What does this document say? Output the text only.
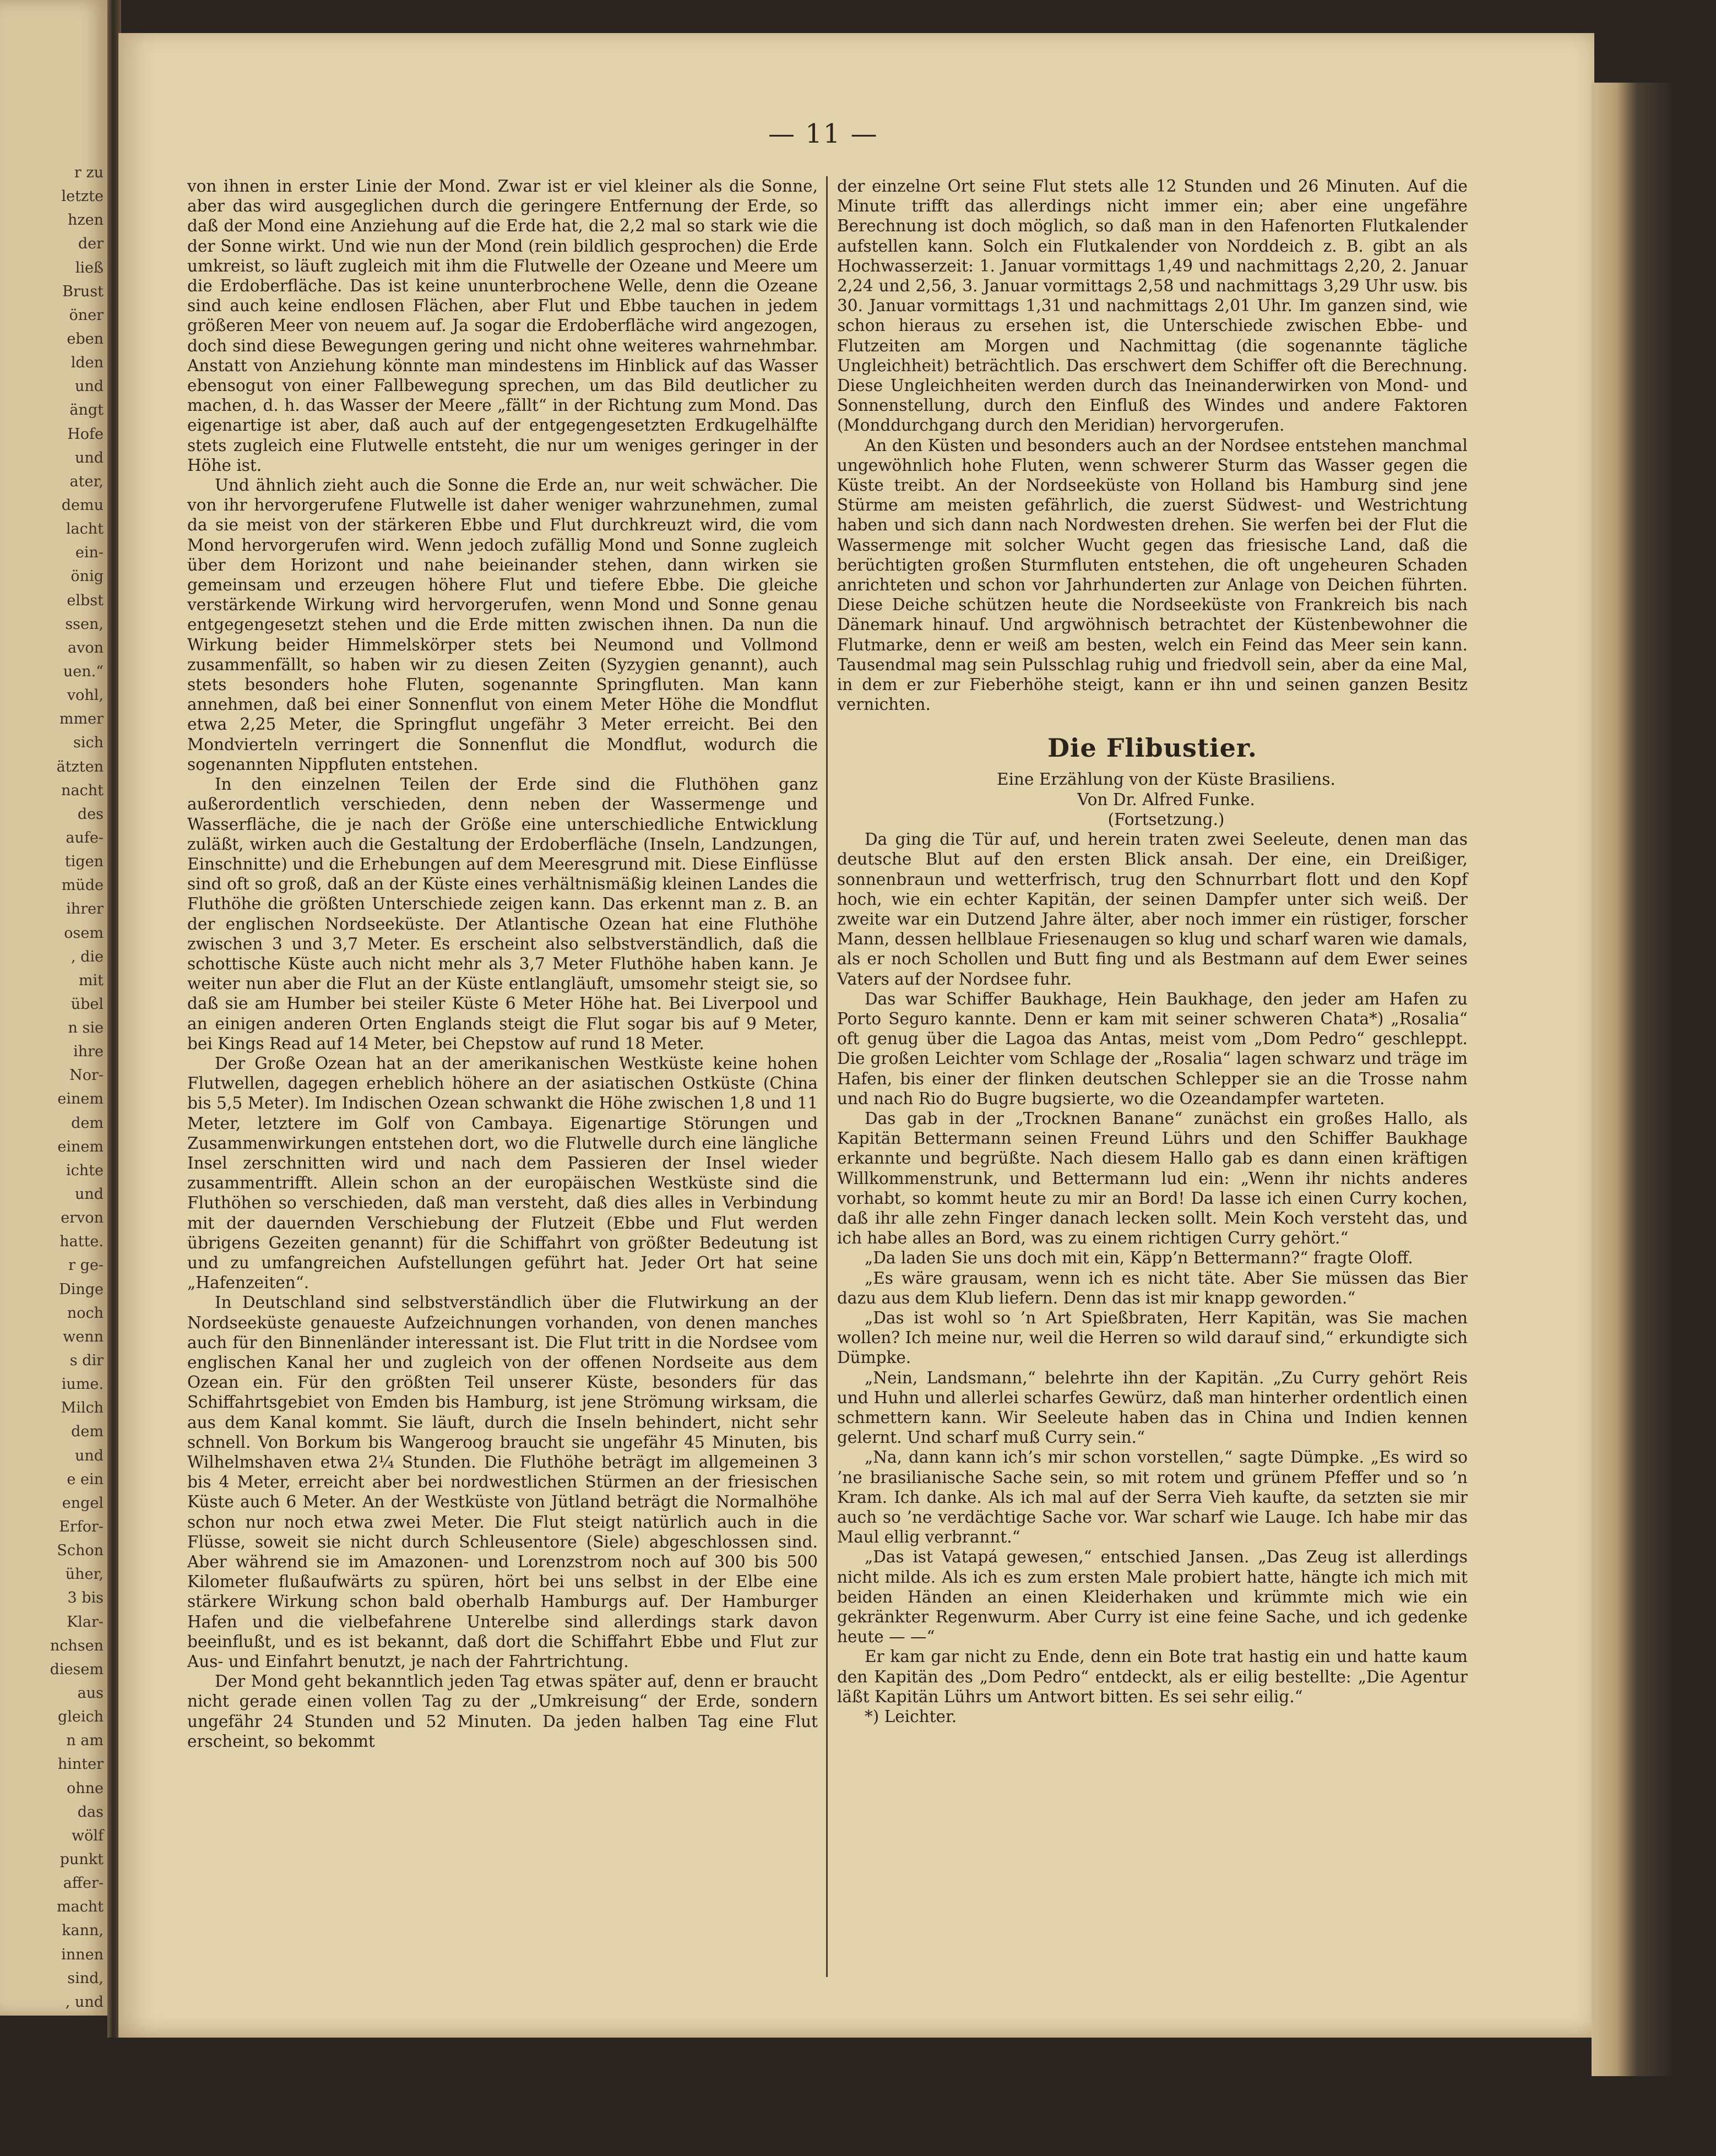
r zu
letzte
hzen
der
ließ
Brust
öner
eben
lden
und
ängt
Hofe
und
ater,
demu
lacht
ein-
önig
elbst
ssen,
avon
uen.“
vohl,
mmer
sich
ätzten
nacht
des
aufe-
tigen
müde
ihrer
osem
, die
mit
übel
n sie
ihre
Nor-
einem
dem
einem
ichte
und
ervon
hatte.
r ge-
Dinge
noch
wenn
s dir
iume.
Milch
dem
und
e ein
engel
Erfor-
Schon
üher,
3 bis
Klar-
nchsen
diesem
aus
gleich
n am
hinter
ohne
das
wölf
punkt
affer-
macht
kann,
innen
sind,
, und
— 11 —

von ihnen in erster Linie der Mond. Zwar ist er viel kleiner als die Sonne, aber das wird ausgeglichen durch die geringere Entfernung der Erde, so daß der Mond eine Anziehung auf die Erde hat, die 2,2 mal so stark wie die der Sonne wirkt. Und wie nun der Mond (rein bildlich gesprochen) die Erde umkreist, so läuft zugleich mit ihm die Flutwelle der Ozeane und Meere um die Erdoberfläche. Das ist keine ununterbrochene Welle, denn die Ozeane sind auch keine endlosen Flächen, aber Flut und Ebbe tauchen in jedem größeren Meer von neuem auf. Ja sogar die Erdoberfläche wird angezogen, doch sind diese Bewegungen gering und nicht ohne weiteres wahrnehmbar. Anstatt von Anziehung könnte man mindestens im Hinblick auf das Wasser ebensogut von einer Fallbewegung sprechen, um das Bild deutlicher zu machen, d. h. das Wasser der Meere „fällt“ in der Richtung zum Mond. Das eigenartige ist aber, daß auch auf der entgegengesetzten Erdkugelhälfte stets zugleich eine Flutwelle entsteht, die nur um weniges geringer in der Höhe ist.

Und ähnlich zieht auch die Sonne die Erde an, nur weit schwächer. Die von ihr hervorgerufene Flutwelle ist daher weniger wahrzunehmen, zumal da sie meist von der stärkeren Ebbe und Flut durchkreuzt wird, die vom Mond hervorgerufen wird. Wenn jedoch zufällig Mond und Sonne zugleich über dem Horizont und nahe beieinander stehen, dann wirken sie gemeinsam und erzeugen höhere Flut und tiefere Ebbe. Die gleiche verstärkende Wirkung wird hervorgerufen, wenn Mond und Sonne genau entgegengesetzt stehen und die Erde mitten zwischen ihnen. Da nun die Wirkung beider Himmelskörper stets bei Neumond und Vollmond zusammenfällt, so haben wir zu diesen Zeiten (Syzygien genannt), auch stets besonders hohe Fluten, sogenannte Springfluten. Man kann annehmen, daß bei einer Sonnenflut von einem Meter Höhe die Mondflut etwa 2,25 Meter, die Springflut ungefähr 3 Meter erreicht. Bei den Mondvierteln verringert die Sonnenflut die Mondflut, wodurch die sogenannten Nippfluten entstehen.

In den einzelnen Teilen der Erde sind die Fluthöhen ganz außerordentlich verschieden, denn neben der Wassermenge und Wasserfläche, die je nach der Größe eine unterschiedliche Entwicklung zuläßt, wirken auch die Gestaltung der Erdoberfläche (Inseln, Landzungen, Einschnitte) und die Erhebungen auf dem Meeresgrund mit. Diese Einflüsse sind oft so groß, daß an der Küste eines verhältnismäßig kleinen Landes die Fluthöhe die größten Unterschiede zeigen kann. Das erkennt man z. B. an der englischen Nordseeküste. Der Atlantische Ozean hat eine Fluthöhe zwischen 3 und 3,7 Meter. Es erscheint also selbstverständlich, daß die schottische Küste auch nicht mehr als 3,7 Meter Fluthöhe haben kann. Je weiter nun aber die Flut an der Küste entlangläuft, umsomehr steigt sie, so daß sie am Humber bei steiler Küste 6 Meter Höhe hat. Bei Liverpool und an einigen anderen Orten Englands steigt die Flut sogar bis auf 9 Meter, bei Kings Read auf 14 Meter, bei Chepstow auf rund 18 Meter.

Der Große Ozean hat an der amerikanischen Westküste keine hohen Flutwellen, dagegen erheblich höhere an der asiatischen Ostküste (China bis 5,5 Meter). Im Indischen Ozean schwankt die Höhe zwischen 1,8 und 11 Meter, letztere im Golf von Cambaya. Eigenartige Störungen und Zusammenwirkungen entstehen dort, wo die Flutwelle durch eine längliche Insel zerschnitten wird und nach dem Passieren der Insel wieder zusammentrifft. Allein schon an der europäischen Westküste sind die Fluthöhen so verschieden, daß man versteht, daß dies alles in Verbindung mit der dauernden Verschiebung der Flutzeit (Ebbe und Flut werden übrigens Gezeiten genannt) für die Schiffahrt von größter Bedeutung ist und zu umfangreichen Aufstellungen geführt hat. Jeder Ort hat seine „Hafenzeiten“.

In Deutschland sind selbstverständlich über die Flutwirkung an der Nordseeküste genaueste Aufzeichnungen vorhanden, von denen manches auch für den Binnenländer interessant ist. Die Flut tritt in die Nordsee vom englischen Kanal her und zugleich von der offenen Nordseite aus dem Ozean ein. Für den größten Teil unserer Küste, besonders für das Schiffahrtsgebiet von Emden bis Hamburg, ist jene Strömung wirksam, die aus dem Kanal kommt. Sie läuft, durch die Inseln behindert, nicht sehr schnell. Von Borkum bis Wangeroog braucht sie ungefähr 45 Minuten, bis Wilhelmshaven etwa 2¼ Stunden. Die Fluthöhe beträgt im allgemeinen 3 bis 4 Meter, erreicht aber bei nordwestlichen Stürmen an der friesischen Küste auch 6 Meter. An der Westküste von Jütland beträgt die Normalhöhe schon nur noch etwa zwei Meter. Die Flut steigt natürlich auch in die Flüsse, soweit sie nicht durch Schleusentore (Siele) abgeschlossen sind. Aber während sie im Amazonen- und Lorenzstrom noch auf 300 bis 500 Kilometer flußaufwärts zu spüren, hört bei uns selbst in der Elbe eine stärkere Wirkung schon bald oberhalb Hamburgs auf. Der Hamburger Hafen und die vielbefahrene Unterelbe sind allerdings stark davon beeinflußt, und es ist bekannt, daß dort die Schiffahrt Ebbe und Flut zur Aus- und Einfahrt benutzt, je nach der Fahrtrichtung.

Der Mond geht bekanntlich jeden Tag etwas später auf, denn er braucht nicht gerade einen vollen Tag zu der „Umkreisung“ der Erde, sondern ungefähr 24 Stunden und 52 Minuten. Da jeden halben Tag eine Flut erscheint, so bekommt

der einzelne Ort seine Flut stets alle 12 Stunden und 26 Minuten. Auf die Minute trifft das allerdings nicht immer ein; aber eine ungefähre Berechnung ist doch möglich, so daß man in den Hafenorten Flutkalender aufstellen kann. Solch ein Flutkalender von Norddeich z. B. gibt an als Hochwasserzeit: 1. Januar vormittags 1,49 und nachmittags 2,20, 2. Januar 2,24 und 2,56, 3. Januar vormittags 2,58 und nachmittags 3,29 Uhr usw. bis 30. Januar vormittags 1,31 und nachmittags 2,01 Uhr. Im ganzen sind, wie schon hieraus zu ersehen ist, die Unterschiede zwischen Ebbe- und Flutzeiten am Morgen und Nachmittag (die sogenannte tägliche Ungleichheit) beträchtlich. Das erschwert dem Schiffer oft die Berechnung. Diese Ungleichheiten werden durch das Ineinanderwirken von Mond- und Sonnenstellung, durch den Einfluß des Windes und andere Faktoren (Monddurchgang durch den Meridian) hervorgerufen.

An den Küsten und besonders auch an der Nordsee entstehen manchmal ungewöhnlich hohe Fluten, wenn schwerer Sturm das Wasser gegen die Küste treibt. An der Nordseeküste von Holland bis Hamburg sind jene Stürme am meisten gefährlich, die zuerst Südwest- und Westrichtung haben und sich dann nach Nordwesten drehen. Sie werfen bei der Flut die Wassermenge mit solcher Wucht gegen das friesische Land, daß die berüchtigten großen Sturmfluten entstehen, die oft ungeheuren Schaden anrichteten und schon vor Jahrhunderten zur Anlage von Deichen führten. Diese Deiche schützen heute die Nordseeküste von Frankreich bis nach Dänemark hinauf. Und argwöhnisch betrachtet der Küstenbewohner die Flutmarke, denn er weiß am besten, welch ein Feind das Meer sein kann. Tausendmal mag sein Pulsschlag ruhig und friedvoll sein, aber da eine Mal, in dem er zur Fieberhöhe steigt, kann er ihn und seinen ganzen Besitz vernichten.

Die Flibustier.

Eine Erzählung von der Küste Brasiliens.

Von Dr. Alfred Funke.

(Fortsetzung.)

Da ging die Tür auf, und herein traten zwei Seeleute, denen man das deutsche Blut auf den ersten Blick ansah. Der eine, ein Dreißiger, sonnenbraun und wetterfrisch, trug den Schnurrbart flott und den Kopf hoch, wie ein echter Kapitän, der seinen Dampfer unter sich weiß. Der zweite war ein Dutzend Jahre älter, aber noch immer ein rüstiger, forscher Mann, dessen hellblaue Friesenaugen so klug und scharf waren wie damals, als er noch Schollen und Butt fing und als Bestmann auf dem Ewer seines Vaters auf der Nordsee fuhr.

Das war Schiffer Baukhage, Hein Baukhage, den jeder am Hafen zu Porto Seguro kannte. Denn er kam mit seiner schweren Chata*) „Rosalia“ oft genug über die Lagoa das Antas, meist vom „Dom Pedro“ geschleppt. Die großen Leichter vom Schlage der „Rosalia“ lagen schwarz und träge im Hafen, bis einer der flinken deutschen Schlepper sie an die Trosse nahm und nach Rio do Bugre bugsierte, wo die Ozeandampfer warteten.

Das gab in der „Trocknen Banane“ zunächst ein großes Hallo, als Kapitän Bettermann seinen Freund Lührs und den Schiffer Baukhage erkannte und begrüßte. Nach diesem Hallo gab es dann einen kräftigen Willkommenstrunk, und Bettermann lud ein: „Wenn ihr nichts anderes vorhabt, so kommt heute zu mir an Bord! Da lasse ich einen Curry kochen, daß ihr alle zehn Finger danach lecken sollt. Mein Koch versteht das, und ich habe alles an Bord, was zu einem richtigen Curry gehört.“

„Da laden Sie uns doch mit ein, Käpp’n Bettermann?“ fragte Oloff.

„Es wäre grausam, wenn ich es nicht täte. Aber Sie müssen das Bier dazu aus dem Klub liefern. Denn das ist mir knapp geworden.“

„Das ist wohl so ’n Art Spießbraten, Herr Kapitän, was Sie machen wollen? Ich meine nur, weil die Herren so wild darauf sind,“ erkundigte sich Dümpke.

„Nein, Landsmann,“ belehrte ihn der Kapitän. „Zu Curry gehört Reis und Huhn und allerlei scharfes Gewürz, daß man hinterher ordentlich einen schmettern kann. Wir Seeleute haben das in China und Indien kennen gelernt. Und scharf muß Curry sein.“

„Na, dann kann ich’s mir schon vorstellen,“ sagte Dümpke. „Es wird so ’ne brasilianische Sache sein, so mit rotem und grünem Pfeffer und so ’n Kram. Ich danke. Als ich mal auf der Serra Vieh kaufte, da setzten sie mir auch so ’ne verdächtige Sache vor. War scharf wie Lauge. Ich habe mir das Maul ellig verbrannt.“

„Das ist Vatapá gewesen,“ entschied Jansen. „Das Zeug ist allerdings nicht milde. Als ich es zum ersten Male probiert hatte, hängte ich mich mit beiden Händen an einen Kleiderhaken und krümmte mich wie ein gekränkter Regenwurm. Aber Curry ist eine feine Sache, und ich gedenke heute — —“

Er kam gar nicht zu Ende, denn ein Bote trat hastig ein und hatte kaum den Kapitän des „Dom Pedro“ entdeckt, als er eilig bestellte: „Die Agentur läßt Kapitän Lührs um Antwort bitten. Es sei sehr eilig.“

*) Leichter.
